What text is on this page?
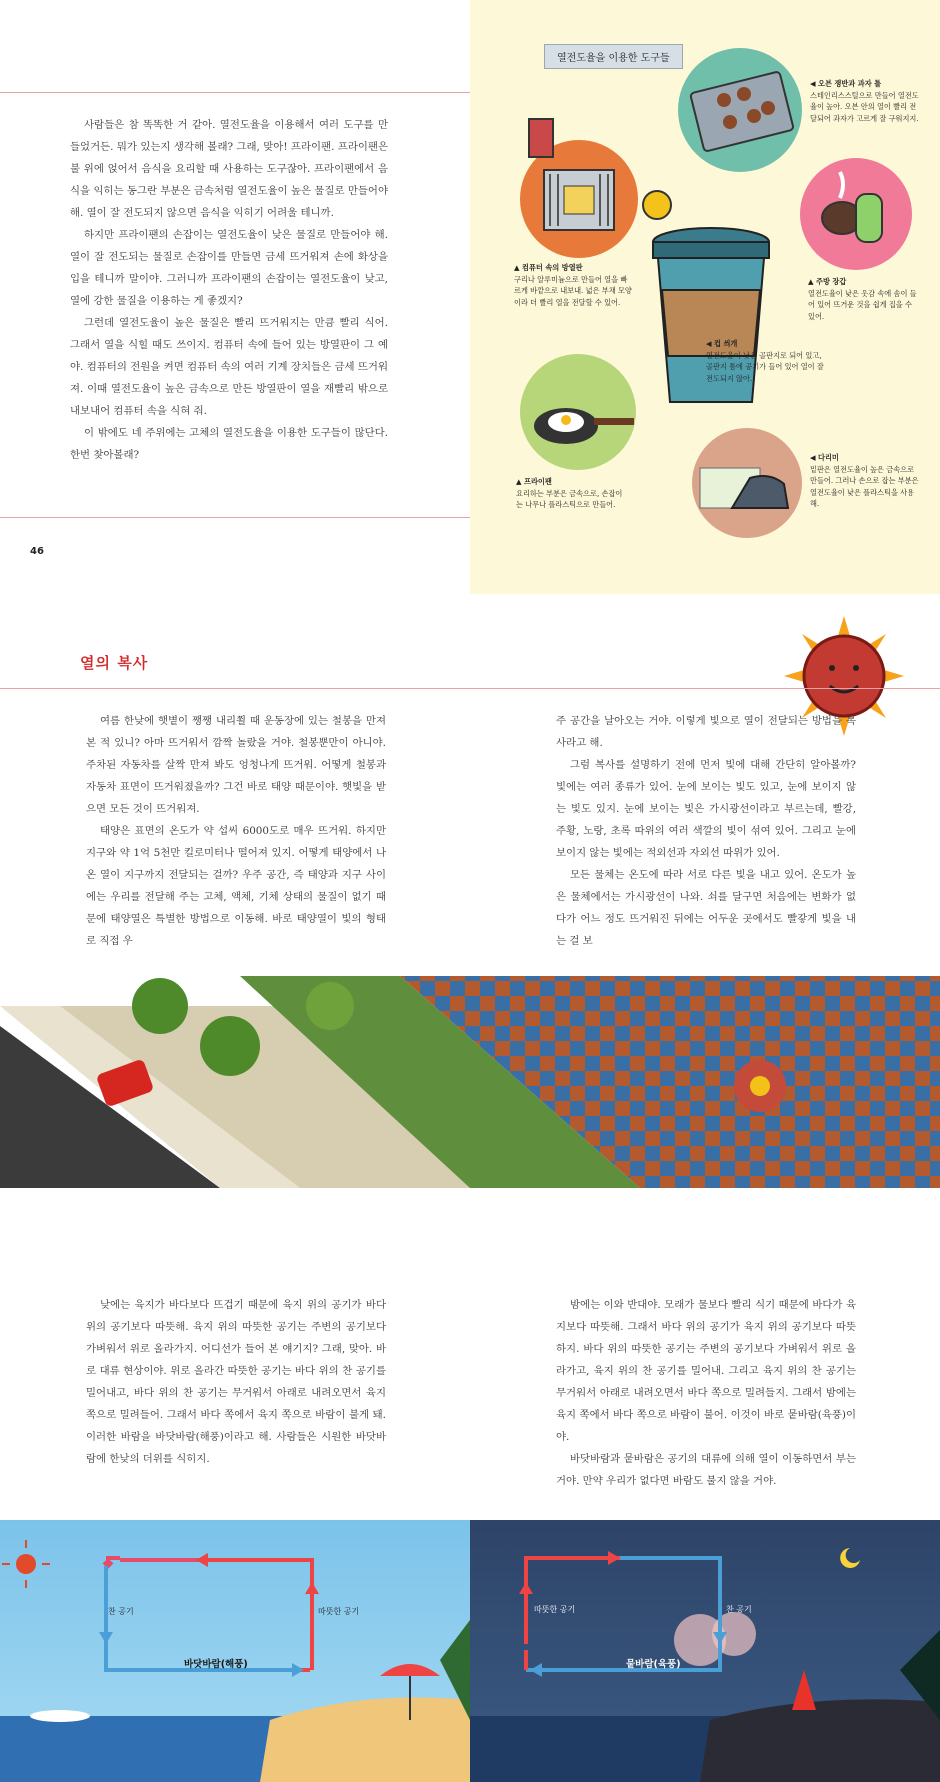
사람들은 참 똑똑한 거 같아. 열전도율을 이용해서 여러 도구를 만들었거든. 뭐가 있는지 생각해 볼래? 그래, 맞아! 프라이팬. 프라이팬은 불 위에 얹어서 음식을 요리할 때 사용하는 도구잖아. 프라이팬에서 음식을 익히는 동그란 부분은 금속처럼 열전도율이 높은 물질로 만들어야 해. 열이 잘 전도되지 않으면 음식을 익히기 어려울 테니까.

하지만 프라이팬의 손잡이는 열전도율이 낮은 물질로 만들어야 해. 열이 잘 전도되는 물질로 손잡이를 만들면 금세 뜨거워져 손에 화상을 입을 테니까 말이야. 그러니까 프라이팬의 손잡이는 열전도율이 낮고, 열에 강한 물질을 이용하는 게 좋겠지?

그런데 열전도율이 높은 물질은 빨리 뜨거워지는 만큼 빨리 식어. 그래서 열을 식힐 때도 쓰이지. 컴퓨터 속에 들어 있는 방열판이 그 예야. 컴퓨터의 전원을 켜면 컴퓨터 속의 여러 기계 장치들은 금세 뜨거워져. 이때 열전도율이 높은 금속으로 만든 방열판이 열을 재빨리 밖으로 내보내어 컴퓨터 속을 식혀 줘.

이 밖에도 네 주위에는 고체의 열전도율을 이용한 도구들이 많단다. 한번 찾아볼래?

46
열전도율을 이용한 도구들
◀ 오븐 쟁반과 과자 틀
스테인리스스틸으로 만들어 열전도율이 높아. 오븐 안의 열이 빨리 전달되어 과자가 고르게 잘 구워지지.
▲ 컴퓨터 속의 방열판
구리나 알루미늄으로 만들어 열을 빠르게 바깥으로 내보내. 넓은 부채 모양이라 더 빨리 열을 전달할 수 있어.
▲ 주방 장갑
열전도율이 낮은 옷감 속에 솜이 들어 있어 뜨거운 것을 쉽게 집을 수 있어.
◀ 컵 씌개
열전도율이 낮은 골판지로 되어 있고, 골판지 틈에 공기가 들어 있어 열이 잘 전도되지 않아.
▲ 프라이팬
요리하는 부분은 금속으로, 손잡이는 나무나 플라스틱으로 만들어.
◀ 다리미
밑판은 열전도율이 높은 금속으로 만들어. 그러나 손으로 잡는 부분은 열전도율이 낮은 플라스틱을 사용해.
열의 복사

여름 한낮에 햇볕이 쨍쨍 내리쬘 때 운동장에 있는 철봉을 만져 본 적 있니? 아마 뜨거워서 깜짝 놀랐을 거야. 철봉뿐만이 아니야. 주차된 자동차를 살짝 만져 봐도 엉청나게 뜨거워. 어떻게 철봉과 자동차 표면이 뜨거워졌을까? 그건 바로 태양 때문이야. 햇빛을 받으면 모든 것이 뜨거워져.

태양은 표면의 온도가 약 섭씨 6000도로 매우 뜨거워. 하지만 지구와 약 1억 5천만 킬로미터나 떨어져 있지. 어떻게 태양에서 나온 열이 지구까지 전달되는 걸까? 우주 공간, 즉 태양과 지구 사이에는 우리를 전달해 주는 고체, 액체, 기체 상태의 물질이 없기 때문에 태양열은 특별한 방법으로 이동해. 바로 태양열이 빛의 형태로 직접 우

주 공간을 날아오는 거야. 이렇게 빛으로 열이 전달되는 방법을 복사라고 해.

그럼 복사를 설명하기 전에 먼저 빛에 대해 간단히 알아볼까? 빛에는 여러 종류가 있어. 눈에 보이는 빛도 있고, 눈에 보이지 않는 빛도 있지. 눈에 보이는 빛은 가시광선이라고 부르는데, 빨강, 주황, 노랑, 초록 따위의 여러 색깔의 빛이 섞여 있어. 그리고 눈에 보이지 않는 빛에는 적외선과 자외선 따위가 있어.

모든 물체는 온도에 따라 서로 다른 빛을 내고 있어. 온도가 높은 물체에서는 가시광선이 나와. 쇠를 달구면 처음에는 변화가 없다가 어느 정도 뜨거워진 뒤에는 어두운 곳에서도 빨갛게 빛을 내는 걸 보

낮에는 육지가 바다보다 뜨겁기 때문에 육지 위의 공기가 바다 위의 공기보다 따뜻해. 육지 위의 따뜻한 공기는 주변의 공기보다 가벼워서 위로 올라가지. 어디선가 들어 본 얘기지? 그래, 맞아. 바로 대류 현상이야. 위로 올라간 따뜻한 공기는 바다 위의 찬 공기를 밀어내고, 바다 위의 찬 공기는 무거워서 아래로 내려오면서 육지 쪽으로 밀려들어. 그래서 바다 쪽에서 육지 쪽으로 바람이 불게 돼. 이러한 바람을 바닷바람(해풍)이라고 해. 사람들은 시원한 바닷바람에 한낮의 더위를 식히지.

밤에는 이와 반대야. 모래가 물보다 빨리 식기 때문에 바다가 육지보다 따뜻해. 그래서 바다 위의 공기가 육지 위의 공기보다 따뜻하지. 바다 위의 따뜻한 공기는 주변의 공기보다 가벼워서 위로 올라가고, 육지 위의 찬 공기를 밀어내. 그리고 육지 위의 찬 공기는 무거워서 아래로 내려오면서 바다 쪽으로 밀려들지. 그래서 밤에는 육지 쪽에서 바다 쪽으로 바람이 불어. 이것이 바로 뭍바람(육풍)이야.

바닷바람과 뭍바람은 공기의 대류에 의해 열이 이동하면서 부는 거야. 만약 우리가 없다면 바람도 불지 않을 거야.

찬 공기	따뜻한 공기
바닷바람(해풍)
따뜻한 공기	찬 공기
뭍바람(육풍)
